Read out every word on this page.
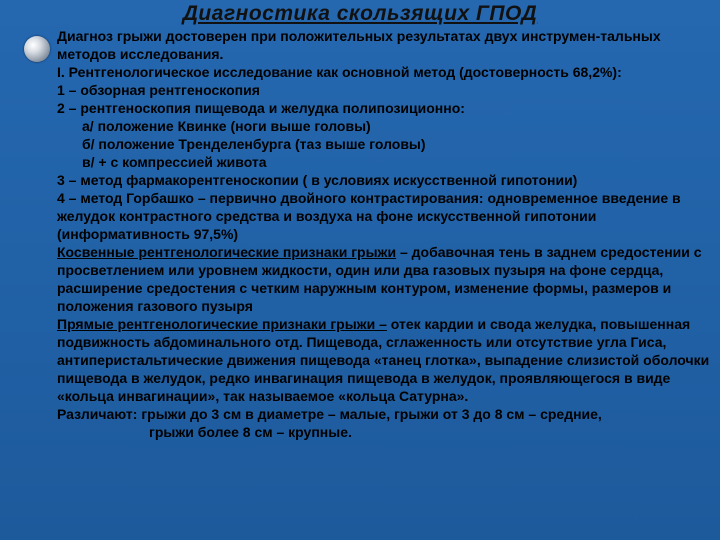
Диагностика скользящих ГПОД

Диагноз грыжи достоверен при положительных результатах двух инструмен-тальных методов исследования.

I. Рентгенологическое исследование как основной метод (достоверность 68,2%):

1 – обзорная рентгеноскопия

2 – рентгеноскопия пищевода и желудка полипозиционно:

а/ положение Квинке (ноги выше головы)

б/ положение Тренделенбурга (таз выше головы)

в/ + с компрессией живота

3 – метод фармакорентгеноскопии ( в условиях искусственной гипотонии)

4 – метод Горбашко – первично двойного контрастирования: одновременное введение в желудок контрастного средства и воздуха на фоне искусственной гипотонии (информативность 97,5%)

Косвенные рентгенологические признаки грыжи – добавочная тень в заднем средостении с просветлением или уровнем жидкости, один или два газовых пузыря на фоне сердца, расширение средостения с четким наружным контуром, изменение формы, размеров и положения газового пузыря

Прямые рентгенологические признаки грыжи – отек кардии и свода желудка, повышенная подвижность абдоминального отд. Пищевода, сглаженность или отсутствие угла Гиса, антиперистальтические движения пищевода «танец глотка», выпадение слизистой оболочки пищевода в желудок, редко инвагинация пищевода в желудок, проявляющегося в виде «кольца инвагинации», так называемое «кольца Сатурна».

Различают: грыжи до 3 см в диаметре – малые, грыжи от 3 до 8 см – средние,

грыжи более 8 см – крупные.
